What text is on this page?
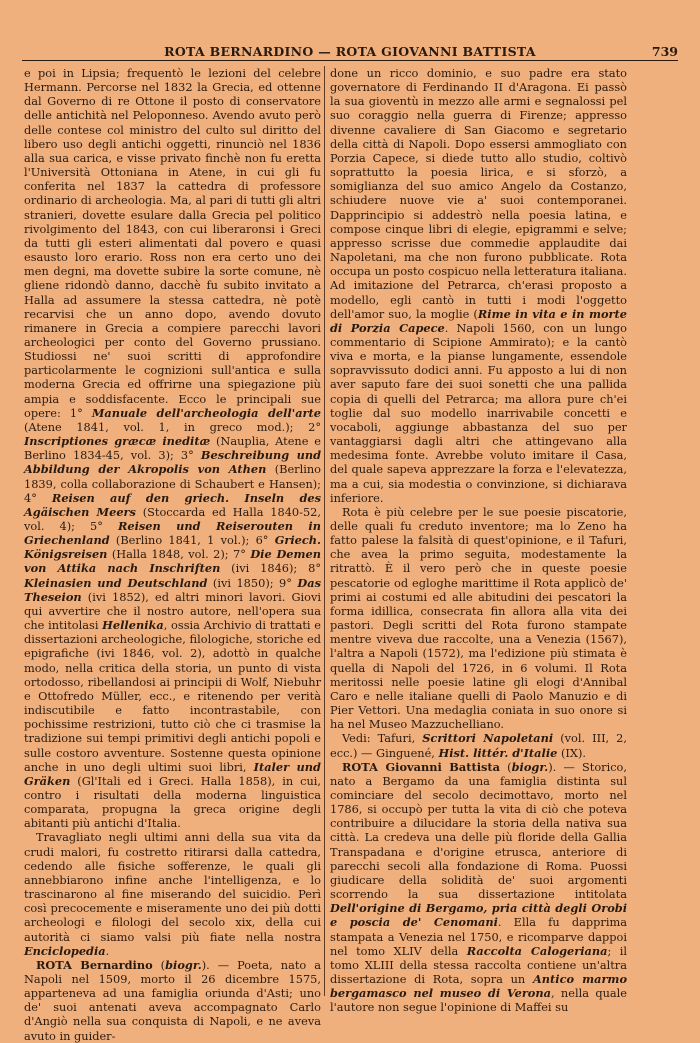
ROTA BERNARDINO — ROTA GIOVANNI BATTISTA	739

e poi in Lipsia; frequentò le lezioni del celebre Hermann. Percorse nel 1832 la Grecia, ed ottenne dal Governo di re Ottone il posto di conservatore delle antichità nel Peloponneso. Avendo avuto però delle contese col ministro del culto sul diritto del libero uso degli antichi oggetti, rinunciò nel 1836 alla sua carica, e visse privato finchè non fu eretta l'Università Ottoniana in Atene, in cui gli fu conferita nel 1837 la cattedra di professore ordinario di archeologia. Ma, al pari di tutti gli altri stranieri, dovette esulare dalla Grecia pel politico rivolgimento del 1843, con cui liberaronsi i Greci da tutti gli esteri alimentati dal povero e quasi esausto loro erario. Ross non era certo uno dei men degni, ma dovette subire la sorte comune, nè gliene ridondò danno, dacchè fu subito invitato a Halla ad assumere la stessa cattedra, nè potè recarvisi che un anno dopo, avendo dovuto rimanere in Grecia a compiere parecchi lavori archeologici per conto del Governo prussiano. Studiossi ne' suoi scritti di approfondire particolarmente le cognizioni sull'antica e sulla moderna Grecia ed offrirne una spiegazione più ampia e soddisfacente. Ecco le principali sue opere: 1° Manuale dell'archeologia dell'arte (Atene 1841, vol. 1, in greco mod.); 2° Inscriptiones græcæ ineditæ (Nauplia, Atene e Berlino 1834-45, vol. 3); 3° Beschreibung und Abbildung der Akropolis von Athen (Berlino 1839, colla collaborazione di Schaubert e Hansen); 4° Reisen auf den griech. Inseln des Agäischen Meers (Stoccarda ed Halla 1840-52, vol. 4); 5° Reisen und Reiserouten in Griechenland (Berlino 1841, 1 vol.); 6° Griech. Königsreisen (Halla 1848, vol. 2); 7° Die Demen von Attika nach Inschriften (ivi 1846); 8° Kleinasien und Deutschland (ivi 1850); 9° Das Theseion (ivi 1852), ed altri minori lavori. Giovi qui avvertire che il nostro autore, nell'opera sua che intitolasi Hellenika, ossia Archivio di trattati e dissertazioni archeologiche, filologiche, storiche ed epigrafiche (ivi 1846, vol. 2), adottò in qualche modo, nella critica della storia, un punto di vista ortodosso, ribellandosi ai principii di Wolf, Niebuhr e Ottofredo Müller, ecc., e ritenendo per verità indiscutibile e fatto incontrastabile, con pochissime restrizioni, tutto ciò che ci trasmise la tradizione sui tempi primitivi degli antichi popoli e sulle costoro avventure. Sostenne questa opinione anche in uno degli ultimi suoi libri, Italer und Gräken (Gl'Itali ed i Greci. Halla 1858), in cui, contro i risultati della moderna linguistica comparata, propugna la greca origine degli abitanti più antichi d'Italia.

Travagliato negli ultimi anni della sua vita da crudi malori, fu costretto ritirarsi dalla cattedra, cedendo alle fisiche sofferenze, le quali gli annebbiarono infine anche l'intelligenza, e lo trascinarono al fine miserando del suicidio. Perì così precocemente e miseramente uno dei più dotti archeologi e filologi del secolo xix, della cui autorità ci siamo valsi più fiate nella nostra Enciclopedia.

ROTA Bernardino (biogr.). — Poeta, nato a Napoli nel 1509, morto il 26 dicembre 1575, apparteneva ad una famiglia oriunda d'Asti; uno de' suoi antenati aveva accompagnato Carlo d'Angiò nella sua conquista di Napoli, e ne aveva avuto in guider-

done un ricco dominio, e suo padre era stato governatore di Ferdinando II d'Aragona. Ei passò la sua gioventù in mezzo alle armi e segnalossi pel suo coraggio nella guerra di Firenze; appresso divenne cavaliere di San Giacomo e segretario della città di Napoli. Dopo essersi ammogliato con Porzia Capece, si diede tutto allo studio, coltivò soprattutto la poesia lirica, e si sforzò, a somiglianza del suo amico Angelo da Costanzo, schiudere nuove vie a' suoi contemporanei. Dapprincipio si addestrò nella poesia latina, e compose cinque libri di elegie, epigrammi e selve; appresso scrisse due commedie applaudite dai Napoletani, ma che non furono pubblicate. Rota occupa un posto cospicuo nella letteratura italiana. Ad imitazione del Petrarca, ch'erasi proposto a modello, egli cantò in tutti i modi l'oggetto dell'amor suo, la moglie (Rime in vita e in morte di Porzia Capece. Napoli 1560, con un lungo commentario di Scipione Ammirato); e la cantò viva e morta, e la pianse lungamente, essendole sopravvissuto dodici anni. Fu apposto a lui di non aver saputo fare dei suoi sonetti che una pallida copia di quelli del Petrarca; ma allora pure ch'ei toglie dal suo modello inarrivabile concetti e vocaboli, aggiunge abbastanza del suo per vantaggiarsi dagli altri che attingevano alla medesima fonte. Avrebbe voluto imitare il Casa, del quale sapeva apprezzare la forza e l'elevatezza, ma a cui, sia modestia o convinzione, si dichiarava inferiore.

Rota è più celebre per le sue poesie piscatorie, delle quali fu creduto inventore; ma lo Zeno ha fatto palese la falsità di quest'opinione, e il Tafuri, che avea la primo seguita, modestamente la ritrattò. È il vero però che in queste poesie pescatorie od egloghe marittime il Rota applicò de' primi ai costumi ed alle abitudini dei pescatori la forma idillica, consecrata fin allora alla vita dei pastori. Degli scritti del Rota furono stampate mentre viveva due raccolte, una a Venezia (1567), l'altra a Napoli (1572), ma l'edizione più stimata è quella di Napoli del 1726, in 6 volumi. Il Rota meritossi nelle poesie latine gli elogi d'Annibal Caro e nelle italiane quelli di Paolo Manuzio e di Pier Vettori. Una medaglia coniata in suo onore si ha nel Museo Mazzuchelliano.

Vedi: Tafuri, Scrittori Napoletani (vol. III, 2, ecc.) — Ginguené, Hist. littér. d'Italie (IX).

ROTA Giovanni Battista (biogr.). — Storico, nato a Bergamo da una famiglia distinta sul cominciare del secolo decimottavo, morto nel 1786, si occupò per tutta la vita di ciò che poteva contribuire a dilucidare la storia della nativa sua città. La credeva una delle più floride della Gallia Transpadana e d'origine etrusca, anteriore di parecchi secoli alla fondazione di Roma. Puossi giudicare della solidità de' suoi argomenti scorrendo la sua dissertazione intitolata Dell'origine di Bergamo, pria città degli Orobi e poscia de' Cenomani. Ella fu dapprima stampata a Venezia nel 1750, e ricomparve dappoi nel tomo XLIV della Raccolta Calogeriana; il tomo XLIII della stessa raccolta contiene un'altra dissertazione di Rota, sopra un Antico marmo bergamasco nel museo di Verona, nella quale l'autore non segue l'opinione di Maffei su
